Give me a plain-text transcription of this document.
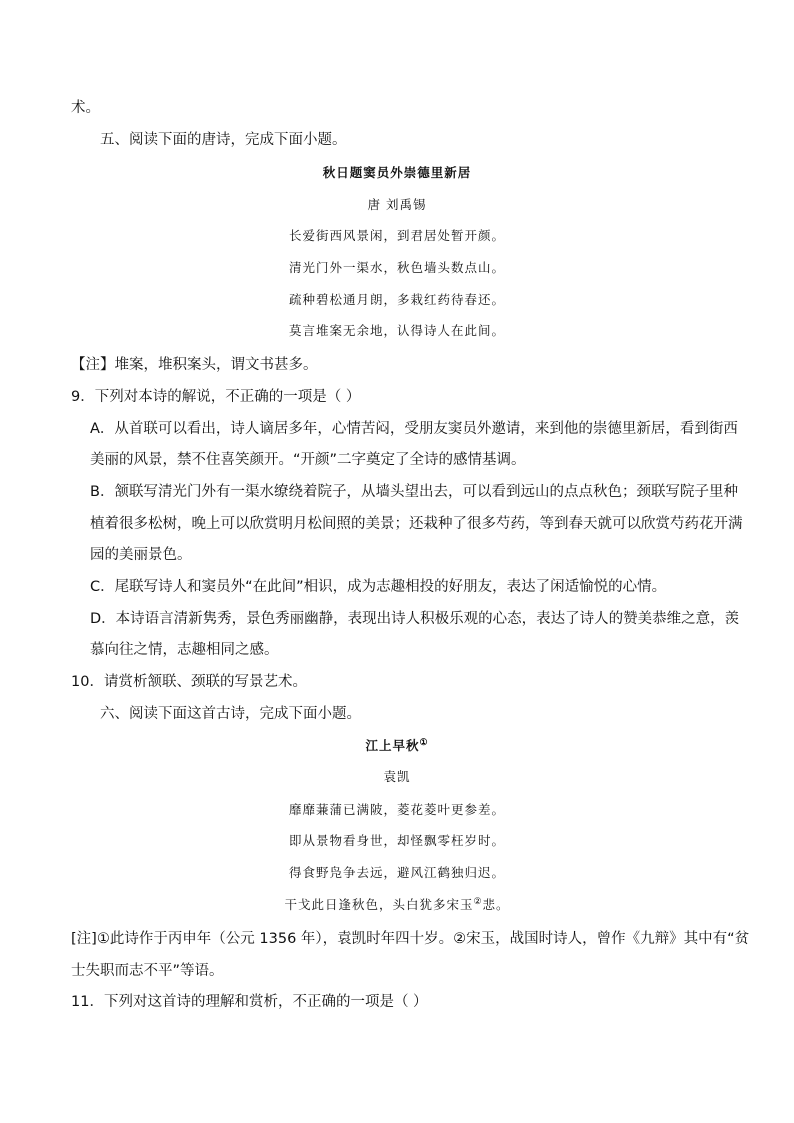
术。
五、阅读下面的唐诗，完成下面小题。
秋日题窦员外崇德里新居
唐 刘禹锡
长爱街西风景闲，到君居处暂开颜。
清光门外一渠水，秋色墙头数点山。
疏种碧松通月朗，多栽红药待春还。
莫言堆案无余地，认得诗人在此间。
【注】堆案，堆积案头，谓文书甚多。
9．下列对本诗的解说，不正确的一项是（ ）
A．从首联可以看出，诗人谪居多年，心情苦闷，受朋友窦员外邀请，来到他的崇德里新居，看到街西
美丽的风景，禁不住喜笑颜开。“开颜”二字奠定了全诗的感情基调。
B．颔联写清光门外有一渠水缭绕着院子，从墙头望出去，可以看到远山的点点秋色；颈联写院子里种
植着很多松树，晚上可以欣赏明月松间照的美景；还栽种了很多芍药，等到春天就可以欣赏芍药花开满
园的美丽景色。
C．尾联写诗人和窦员外“在此间”相识，成为志趣相投的好朋友，表达了闲适愉悦的心情。
D．本诗语言清新隽秀，景色秀丽幽静，表现出诗人积极乐观的心态，表达了诗人的赞美恭维之意，羡
慕向往之情，志趣相同之感。
10．请赏析颔联、颈联的写景艺术。
六、阅读下面这首古诗，完成下面小题。
江上早秋①
袁凯
靡靡蒹蒲已满陂，菱花菱叶更参差。
即从景物看身世，却怪飘零枉岁时。
得食野凫争去远，避风江鹤独归迟。
干戈此日逢秋色，头白犹多宋玉②悲。
[注]①此诗作于丙申年（公元 1356 年），袁凯时年四十岁。②宋玉，战国时诗人，曾作《九辩》其中有“贫
士失职而志不平”等语。
11．下列对这首诗的理解和赏析，不正确的一项是（ ）
